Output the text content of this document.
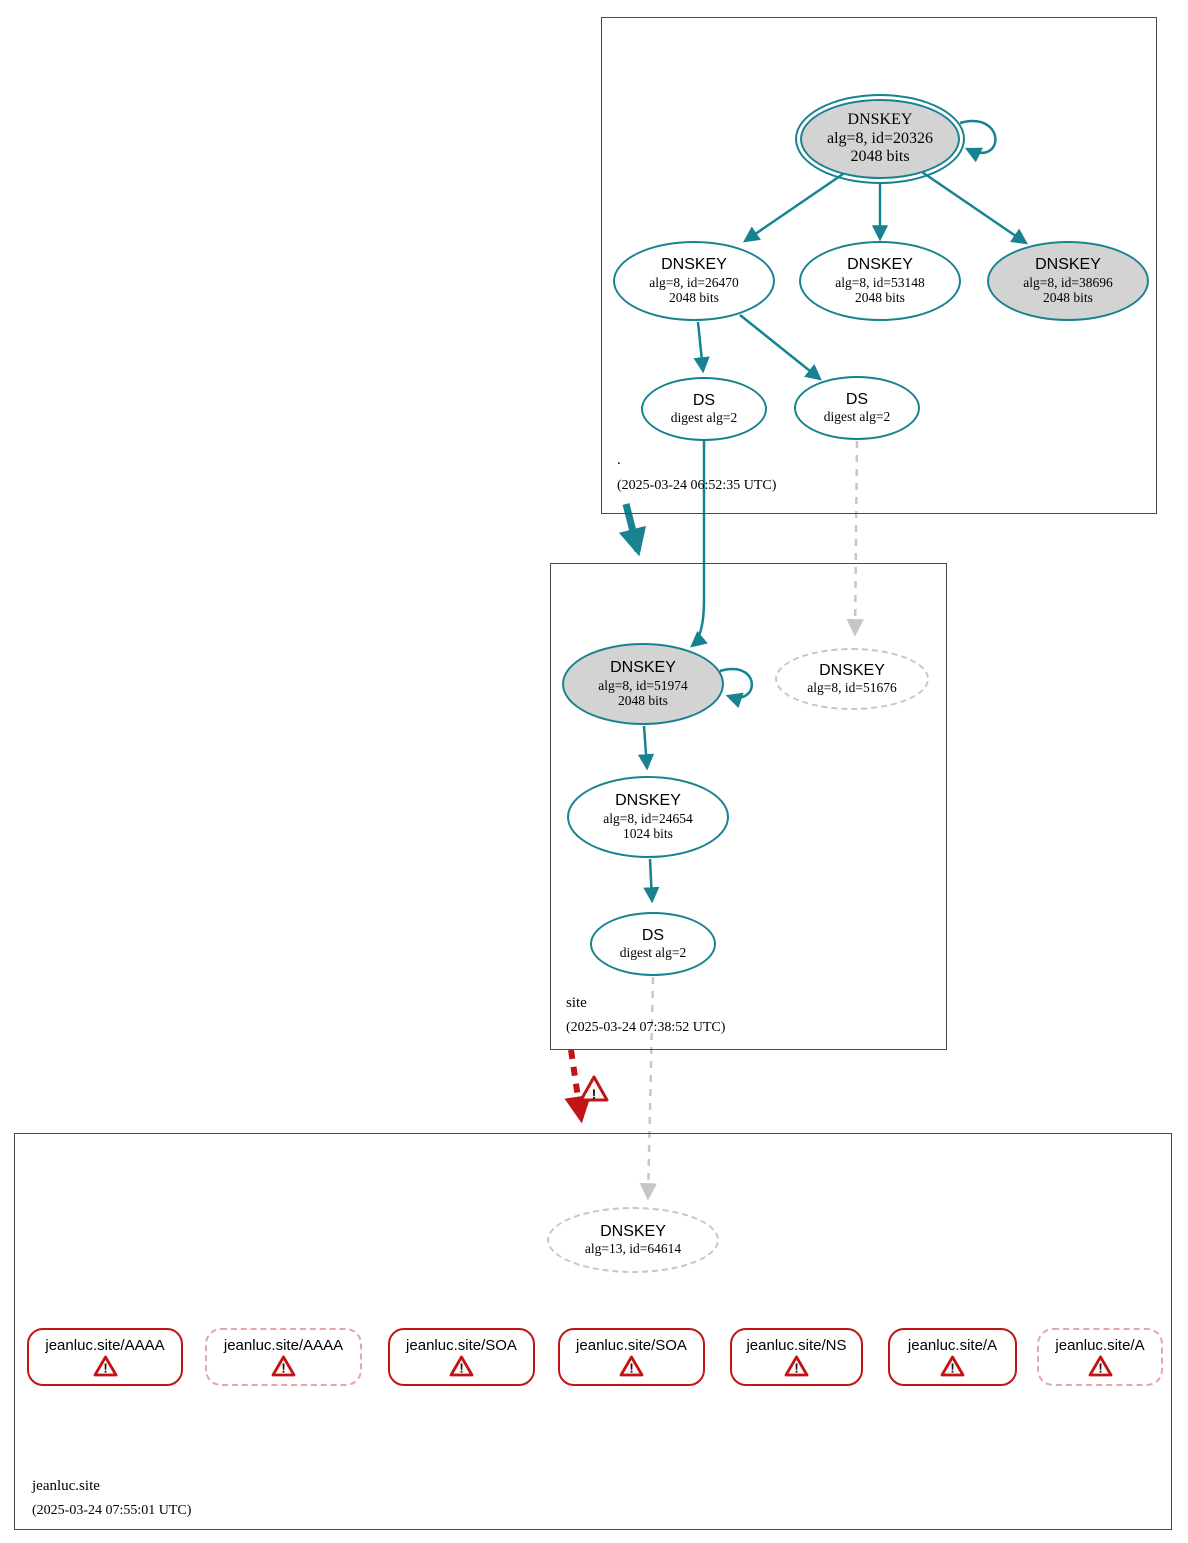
!
DNSKEY
alg=8, id=20326
2048 bits
DNSKEY
alg=8, id=26470
2048 bits
DNSKEY
alg=8, id=53148
2048 bits
DNSKEY
alg=8, id=38696
2048 bits
DS
digest alg=2
DS
digest alg=2
.
(2025-03-24 06:52:35 UTC)
DNSKEY
alg=8, id=51974
2048 bits
DNSKEY
alg=8, id=51676
DNSKEY
alg=8, id=24654
1024 bits
DS
digest alg=2
site
(2025-03-24 07:38:52 UTC)
DNSKEY
alg=13, id=64614
jeanluc.site/AAAA
!
jeanluc.site/AAAA
!
jeanluc.site/SOA
!
jeanluc.site/SOA
!
jeanluc.site/NS
!
jeanluc.site/A
!
jeanluc.site/A
!
jeanluc.site
(2025-03-24 07:55:01 UTC)
